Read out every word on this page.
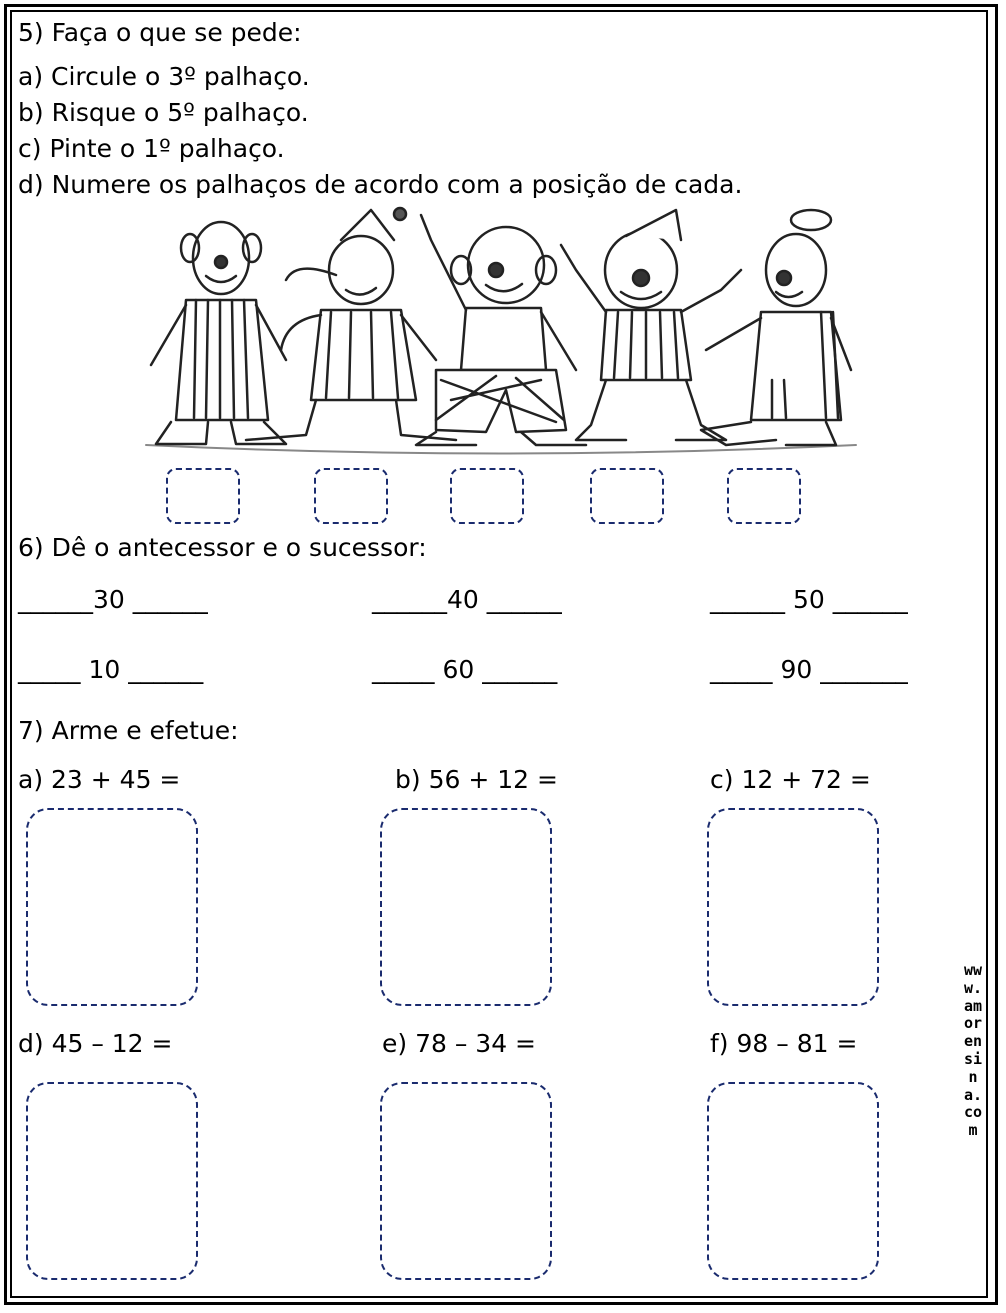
5) Faça o que se pede:
a) Circule o 3º palhaço.
b) Risque o 5º palhaço.
c) Pinte o 1º palhaço.
d) Numere os palhaços de acordo com a posição de cada.
6) Dê o antecessor e o sucessor:
______30 ______	______40 ______	______ 50 ______
_____ 10 ______	_____ 60 ______	_____ 90 _______
7) Arme e efetue:
a) 23 + 45 =	b) 56 + 12 =	c) 12 + 72 =
d) 45 – 12 =	e) 78 – 34 =	f) 98 – 81 =
www.amorensina.com
